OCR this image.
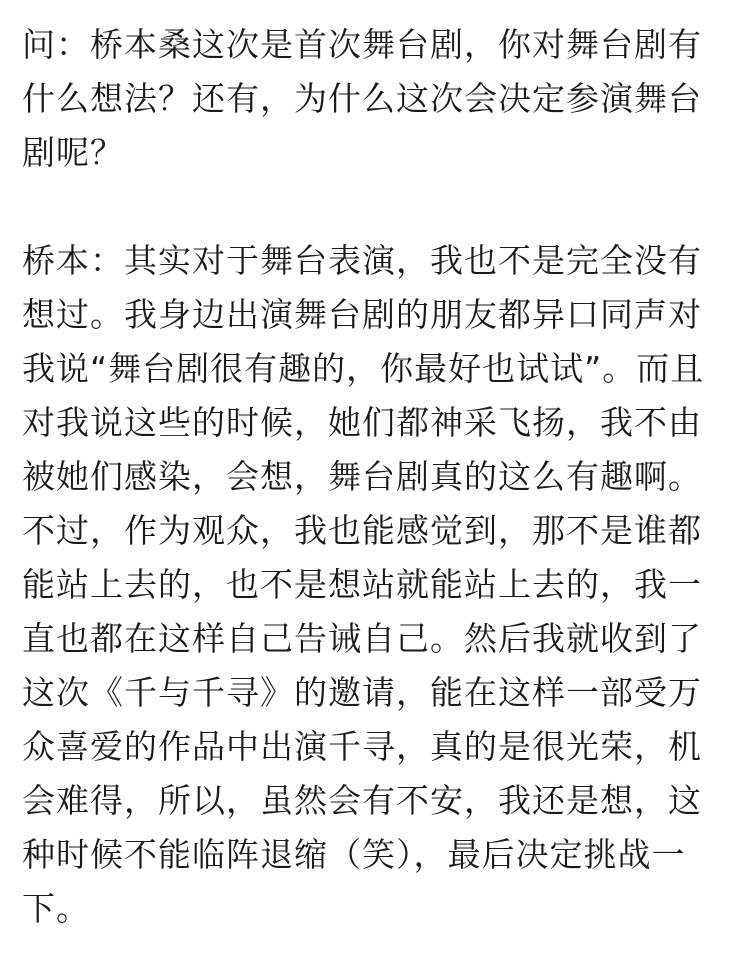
问：桥本桑这次是首次舞台剧，你对舞台剧有
什么想法？还有，为什么这次会决定参演舞台
剧呢？
桥本：其实对于舞台表演，我也不是完全没有
想过。我身边出演舞台剧的朋友都异口同声对
我说“舞台剧很有趣的，你最好也试试”。而且
对我说这些的时候，她们都神采飞扬，我不由
被她们感染，会想，舞台剧真的这么有趣啊。
不过，作为观众，我也能感觉到，那不是谁都
能站上去的，也不是想站就能站上去的，我一
直也都在这样自己告诫自己。然后我就收到了
这次《千与千寻》的邀请，能在这样一部受万
众喜爱的作品中出演千寻，真的是很光荣，机
会难得，所以，虽然会有不安，我还是想，这
种时候不能临阵退缩（笑），最后决定挑战一
下。
